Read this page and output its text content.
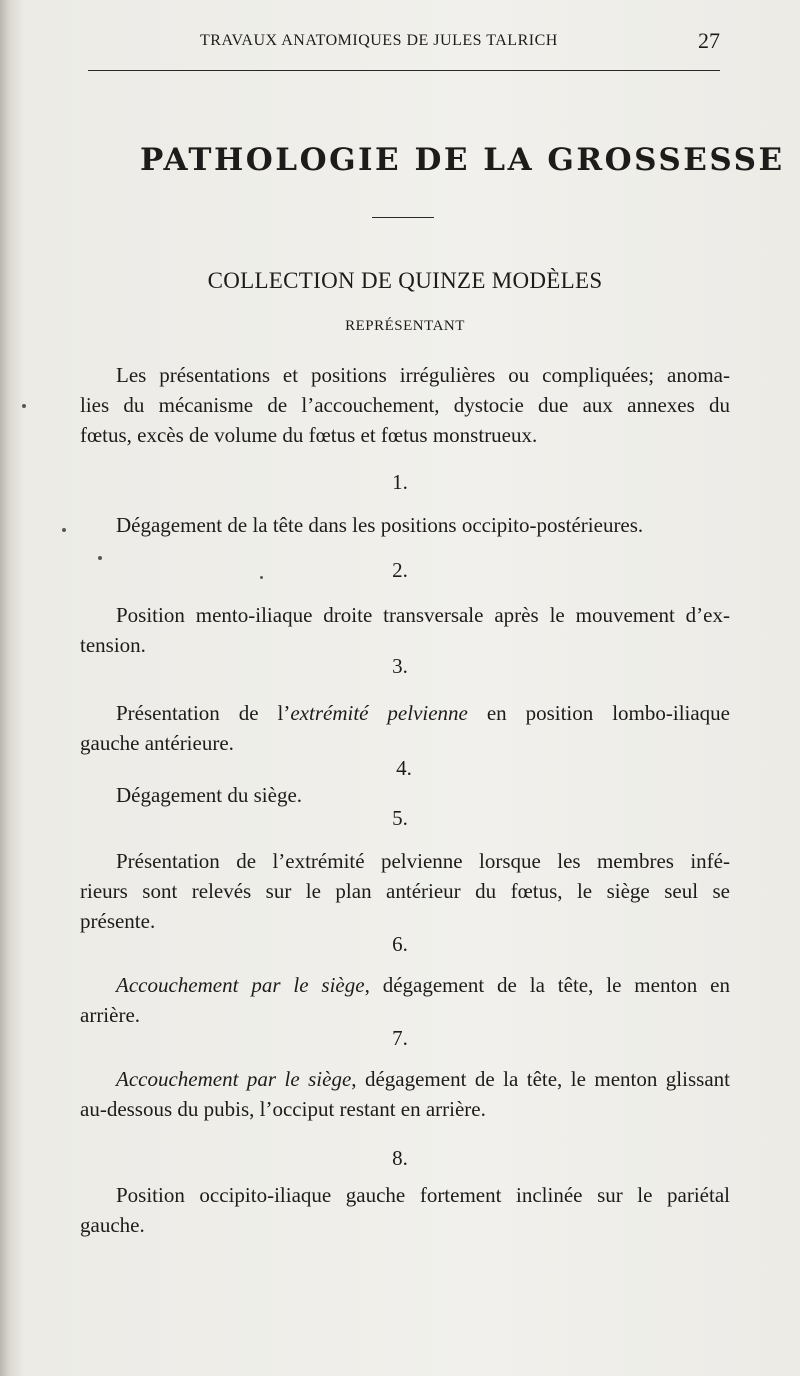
TRAVAUX ANATOMIQUES DE JULES TALRICH	27
PATHOLOGIE DE LA GROSSESSE
COLLECTION DE QUINZE MODÈLES
REPRÉSENTANT
Les présentations et positions irrégulières ou compliquées; anoma-
lies du mécanisme de l’accouchement, dystocie due aux annexes du
fœtus, excès de volume du fœtus et fœtus monstrueux.
1.
Dégagement de la tête dans les positions occipito-postérieures.
2.
Position mento-iliaque droite transversale après le mouvement d’ex-
tension.
3.
Présentation de l’extrémité pelvienne en position lombo-iliaque
gauche antérieure.
4.
Dégagement du siège.
5.
Présentation de l’extrémité pelvienne lorsque les membres infé-
rieurs sont relevés sur le plan antérieur du fœtus, le siège seul se
présente.
6.
Accouchement par le siège, dégagement de la tête, le menton en
arrière.
7.
Accouchement par le siège, dégagement de la tête, le menton glissant
au-dessous du pubis, l’occiput restant en arrière.
8.
Position occipito-iliaque gauche fortement inclinée sur le pariétal
gauche.
